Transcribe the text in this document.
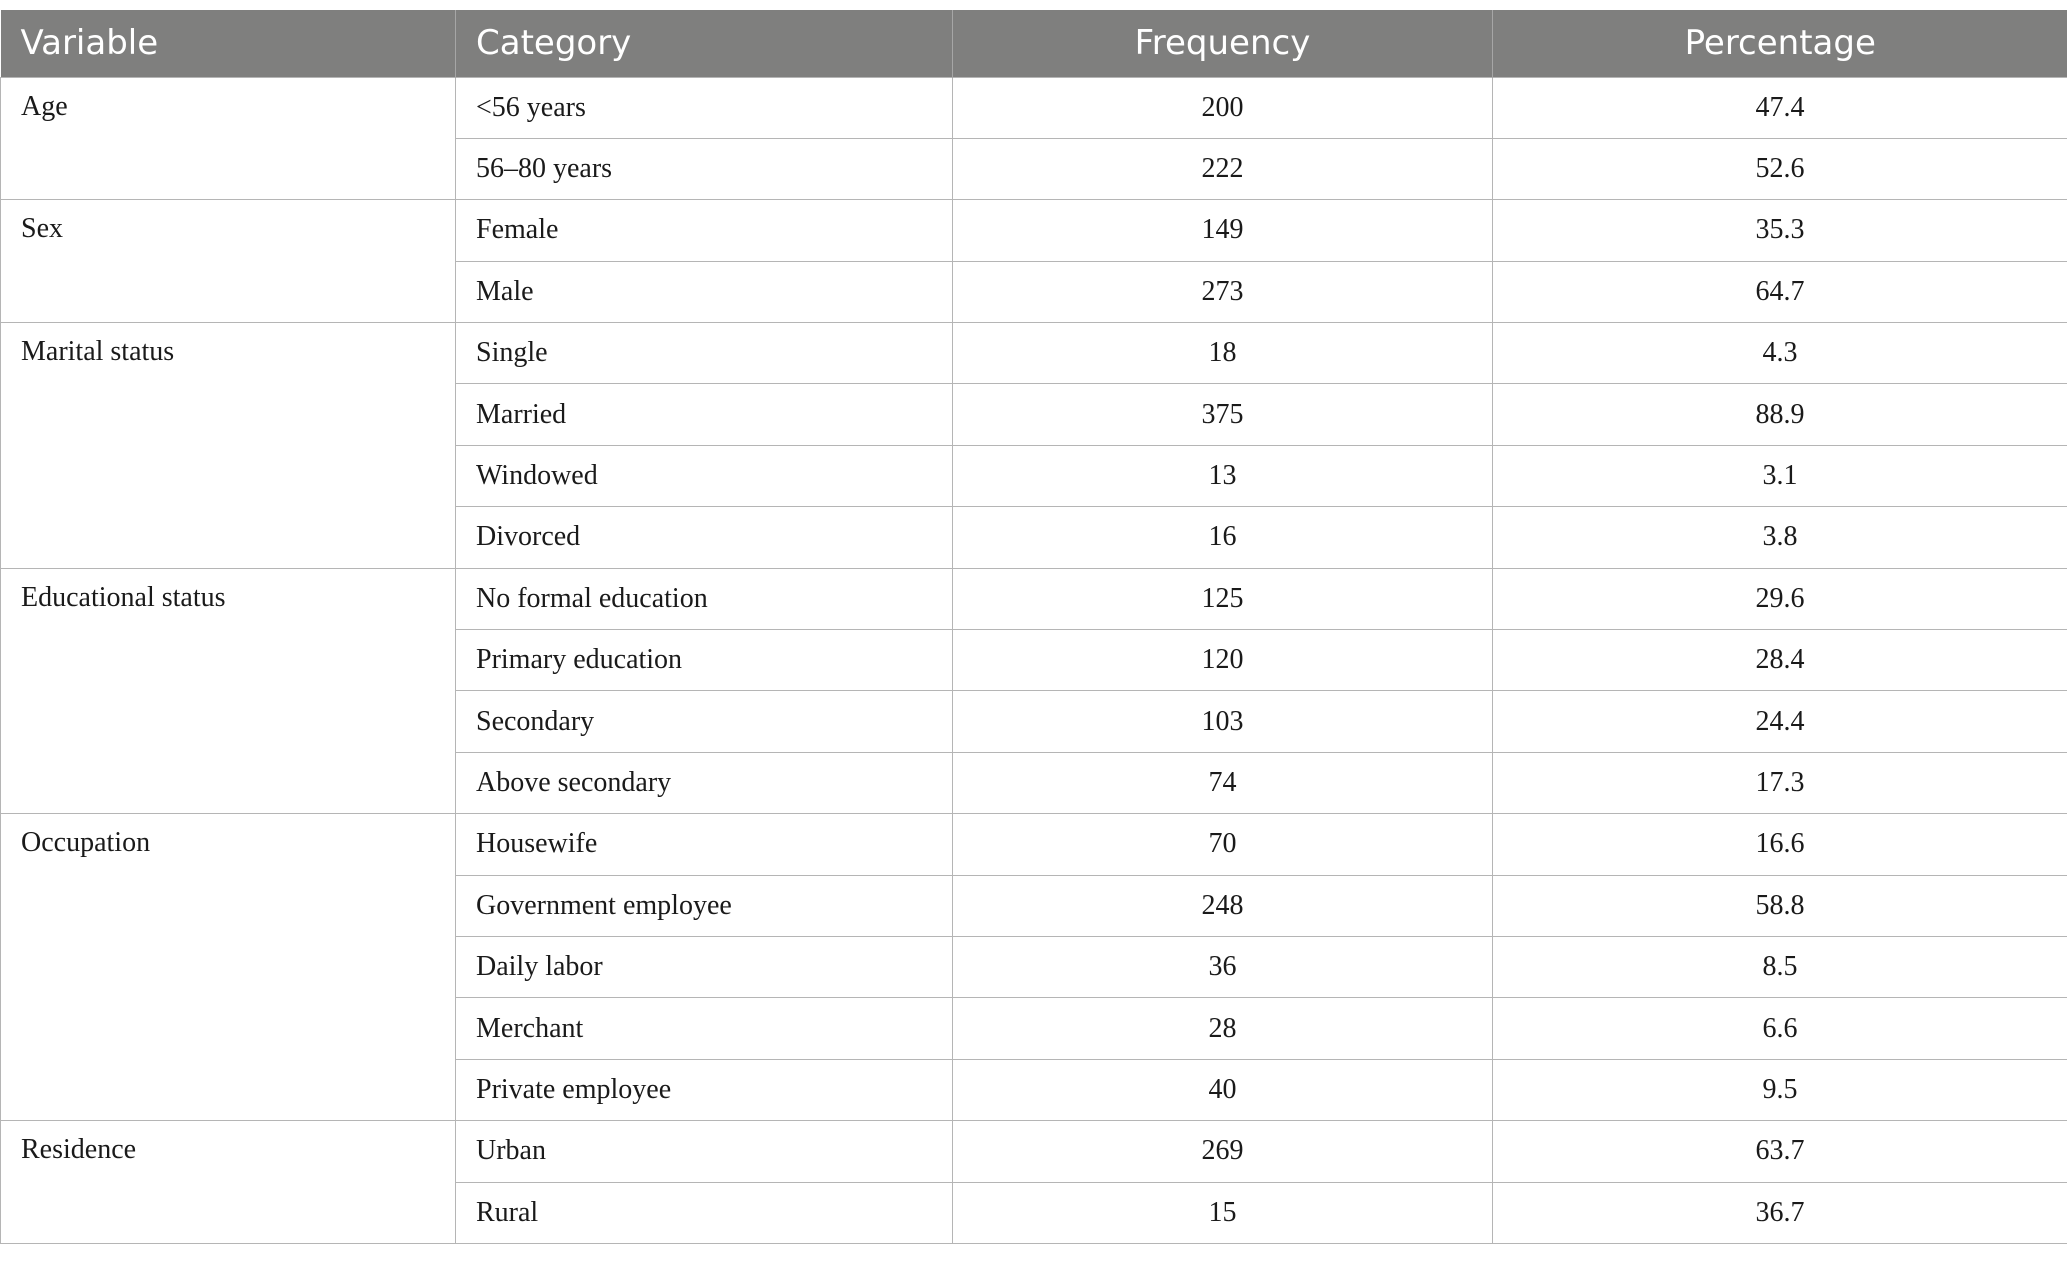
Variable	Category	Frequency	Percentage
Age	<56 years	200	47.4
	56–80 years	222	52.6
Sex	Female	149	35.3
	Male	273	64.7
Marital status	Single	18	4.3
	Married	375	88.9
	Windowed	13	3.1
	Divorced	16	3.8
Educational status	No formal education	125	29.6
	Primary education	120	28.4
	Secondary	103	24.4
	Above secondary	74	17.3
Occupation	Housewife	70	16.6
	Government employee	248	58.8
	Daily labor	36	8.5
	Merchant	28	6.6
	Private employee	40	9.5
Residence	Urban	269	63.7
	Rural	15	36.7
